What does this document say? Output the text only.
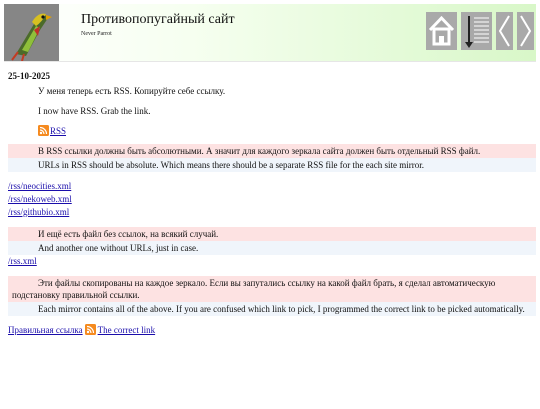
Противопопугайный сайт
Never Parrot
25-10-2025
У меня теперь есть RSS. Копируйте себе ссылку.
I now have RSS. Grab the link.
RSS
В RSS ссылки должны быть абсолютными. А значит для каждого зеркала сайта должен быть отдельный RSS файл.
URLs in RSS should be absolute. Which means there should be a separate RSS file for the each site mirror.
/rss/neocities.xml
/rss/nekoweb.xml
/rss/githubio.xml
И ещё есть файл без ссылок, на всякий случай.
And another one without URLs, just in case.
/rss.xml
Эти файлы скопированы на каждое зеркало. Если вы запутались ссылку на какой файл брать, я сделал автоматическую подстановку правильной ссылки.
Each mirror contains all of the above. If you are confused which link to pick, I programmed the correct link to be picked automatically.
Правильная ссылка The correct link
